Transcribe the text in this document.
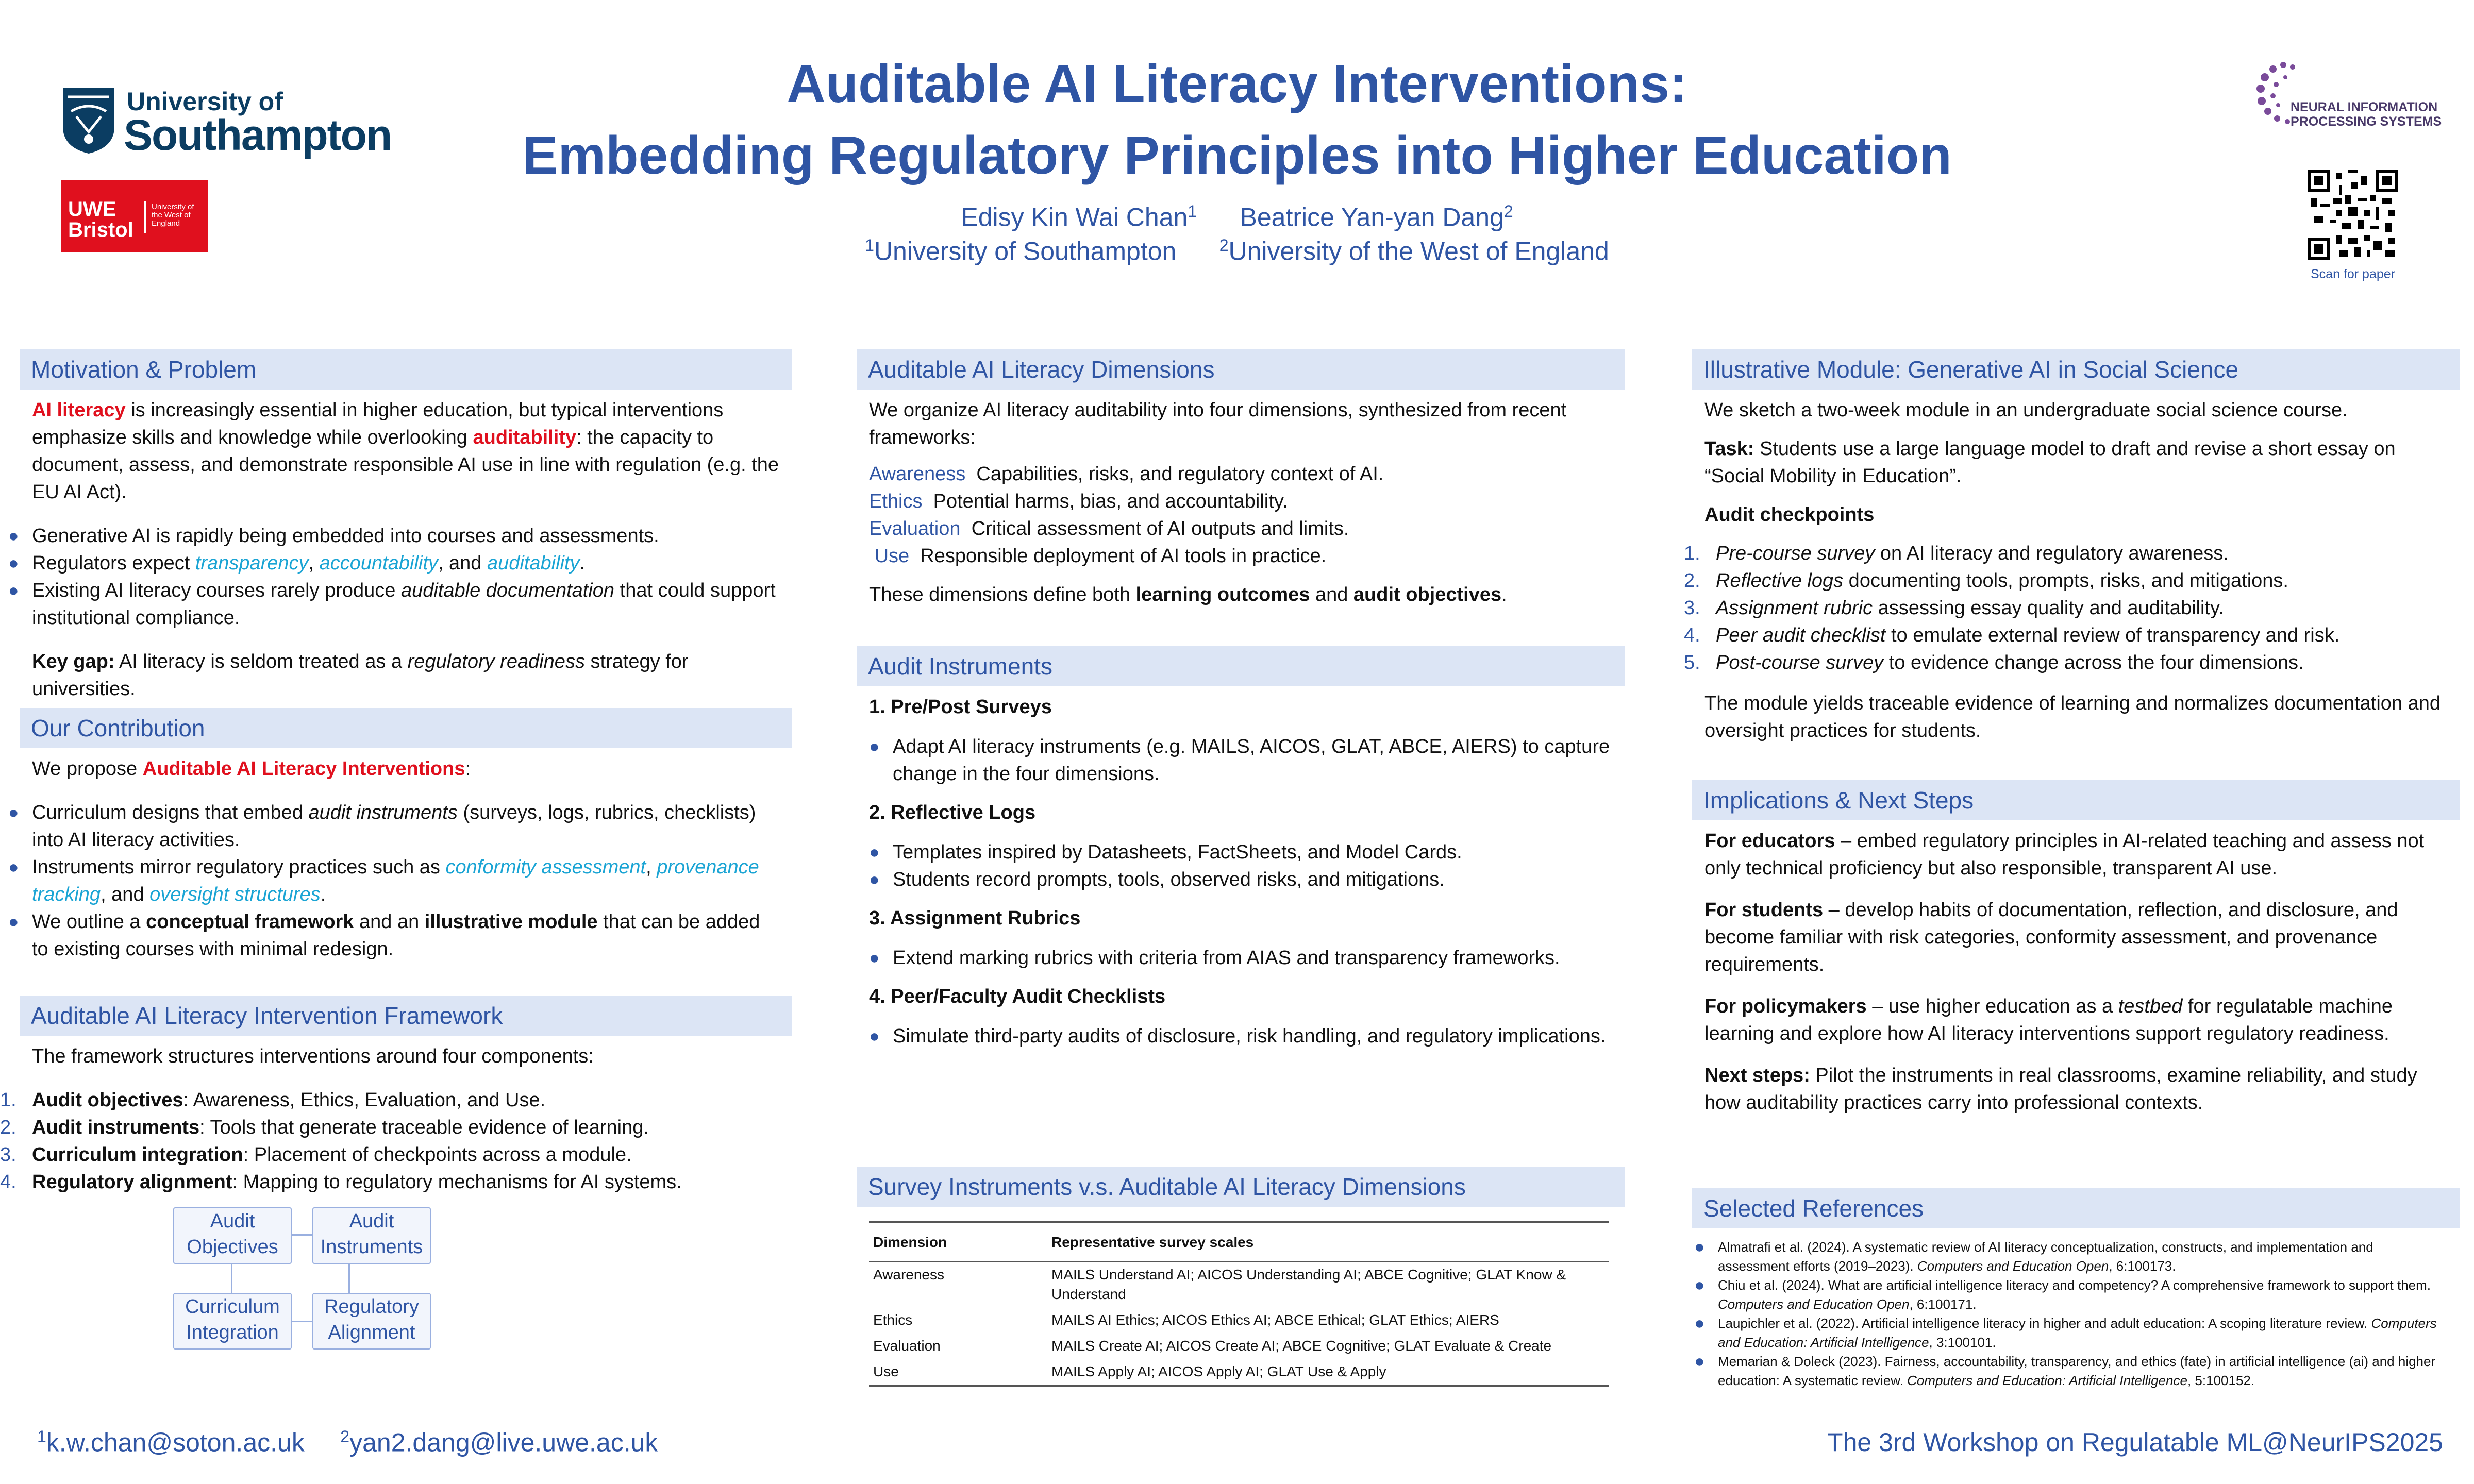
University of
Southampton
UWE Bristol
University of the West of England
Auditable AI Literacy Interventions:
Embedding Regulatory Principles into Higher Education
Edisy Kin Wai Chan$^1$ Beatrice Yan-yan Dang$^2$
$^1$University of Southampton	$^2$University of the West of England
NEURAL INFORMATION PROCESSING SYSTEMS
Scan for paper
Motivation & Problem

AI literacy is increasingly essential in higher education, but typical interventions emphasize skills and knowledge while overlooking auditability: the capacity to document, assess, and demonstrate responsible AI use in line with regulation (e.g. the EU AI Act).

● Generative AI is rapidly being embedded into courses and assessments.
● Regulators expect transparency, accountability, and auditability.
● Existing AI literacy courses rarely produce auditable documentation that could support institutional compliance.

Key gap: AI literacy is seldom treated as a regulatory readiness strategy for universities.

Our Contribution

We propose Auditable AI Literacy Interventions:

● Curriculum designs that embed audit instruments (surveys, logs, rubrics, checklists) into AI literacy activities.
● Instruments mirror regulatory practices such as conformity assessment, provenance tracking, and oversight structures.
● We outline a conceptual framework and an illustrative module that can be added to existing courses with minimal redesign.
Auditable AI Literacy Intervention Framework

The framework structures interventions around four components:

1. Audit objectives: Awareness, Ethics, Evaluation, and Use.
2. Audit instruments: Tools that generate traceable evidence of learning.
3. Curriculum integration: Placement of checkpoints across a module.
4. Regulatory alignment: Mapping to regulatory mechanisms for AI systems.
Audit Objectives
Audit Instruments
Curriculum Integration
Regulatory Alignment
Auditable AI Literacy Dimensions

We organize AI literacy auditability into four dimensions, synthesized from recent frameworks:

Awareness Capabilities, risks, and regulatory context of AI.
Ethics Potential harms, bias, and accountability.
Evaluation Critical assessment of AI outputs and limits.
Use Responsible deployment of AI tools in practice.

These dimensions define both learning outcomes and audit objectives.

Audit Instruments

1. Pre/Post Surveys

● Adapt AI literacy instruments (e.g. MAILS, AICOS, GLAT, ABCE, AIERS) to capture change in the four dimensions.

2. Reflective Logs

● Templates inspired by Datasheets, FactSheets, and Model Cards.
● Students record prompts, tools, observed risks, and mitigations.

3. Assignment Rubrics

● Extend marking rubrics with criteria from AIAS and transparency frameworks.

4. Peer/Faculty Audit Checklists

● Simulate third-party audits of disclosure, risk handling, and regulatory implications.
Survey Instruments v.s. Auditable AI Literacy Dimensions
Dimension	Representative survey scales
Awareness	MAILS Understand AI; AICOS Understanding AI; ABCE Cognitive; GLAT Know & Understand
Ethics	MAILS AI Ethics; AICOS Ethics AI; ABCE Ethical; GLAT Ethics; AIERS
Evaluation	MAILS Create AI; AICOS Create AI; ABCE Cognitive; GLAT Evaluate & Create
Use	MAILS Apply AI; AICOS Apply AI; GLAT Use & Apply
Illustrative Module: Generative AI in Social Science

We sketch a two-week module in an undergraduate social science course.

Task: Students use a large language model to draft and revise a short essay on “Social Mobility in Education”.

Audit checkpoints

1. Pre-course survey on AI literacy and regulatory awareness.
2. Reflective logs documenting tools, prompts, risks, and mitigations.
3. Assignment rubric assessing essay quality and auditability.
4. Peer audit checklist to emulate external review of transparency and risk.
5. Post-course survey to evidence change across the four dimensions.

The module yields traceable evidence of learning and normalizes documentation and oversight practices for students.

Implications & Next Steps

For educators – embed regulatory principles in AI-related teaching and assess not only technical proficiency but also responsible, transparent AI use.

For students – develop habits of documentation, reflection, and disclosure, and become familiar with risk categories, conformity assessment, and provenance requirements.

For policymakers – use higher education as a testbed for regulatable machine learning and explore how AI literacy interventions support regulatory readiness.

Next steps: Pilot the instruments in real classrooms, examine reliability, and study how auditability practices carry into professional contexts.

Selected References
● Almatrafi et al. (2024). A systematic review of AI literacy conceptualization, constructs, and implementation and assessment efforts (2019–2023). Computers and Education Open, 6:100173.
● Chiu et al. (2024). What are artificial intelligence literacy and competency? A comprehensive framework to support them. Computers and Education Open, 6:100171.
● Laupichler et al. (2022). Artificial intelligence literacy in higher and adult education: A scoping literature review. Computers and Education: Artificial Intelligence, 3:100101.
● Memarian & Doleck (2023). Fairness, accountability, transparency, and ethics (fate) in artificial intelligence (ai) and higher education: A systematic review. Computers and Education: Artificial Intelligence, 5:100152.
$^1$k.w.chan@soton.ac.uk $^2$yan2.dang@live.uwe.ac.uk	The 3rd Workshop on Regulatable ML@NeurIPS2025
